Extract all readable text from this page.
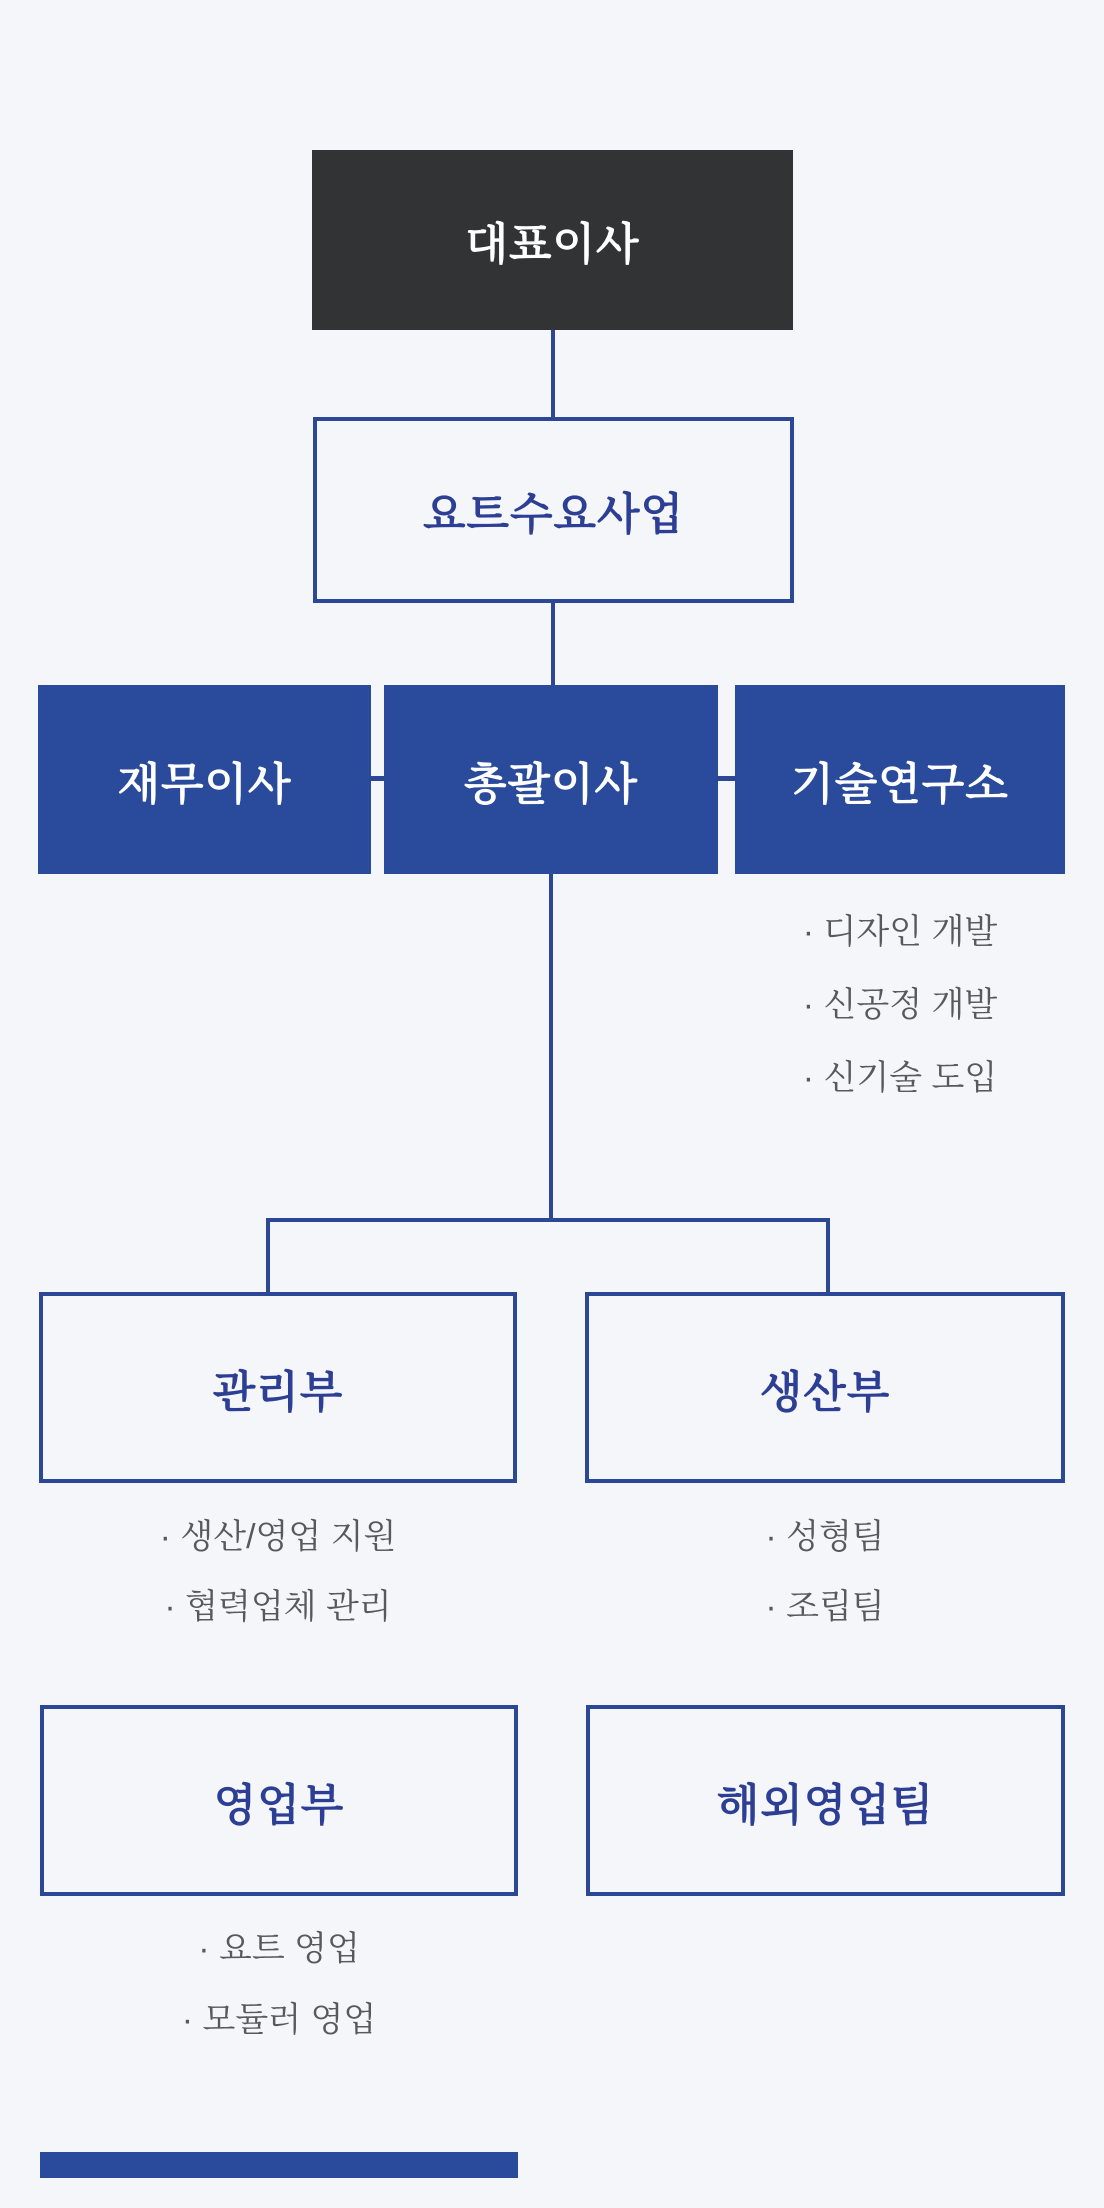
대표이사
요트수요사업
재무이사	총괄이사	기술연구소
· 디자인 개발
· 신공정 개발
· 신기술 도입
관리부	생산부
· 생산/영업 지원
· 협력업체 관리
· 성형팀
· 조립팀
영업부	해외영업팀
· 요트 영업
· 모듈러 영업
